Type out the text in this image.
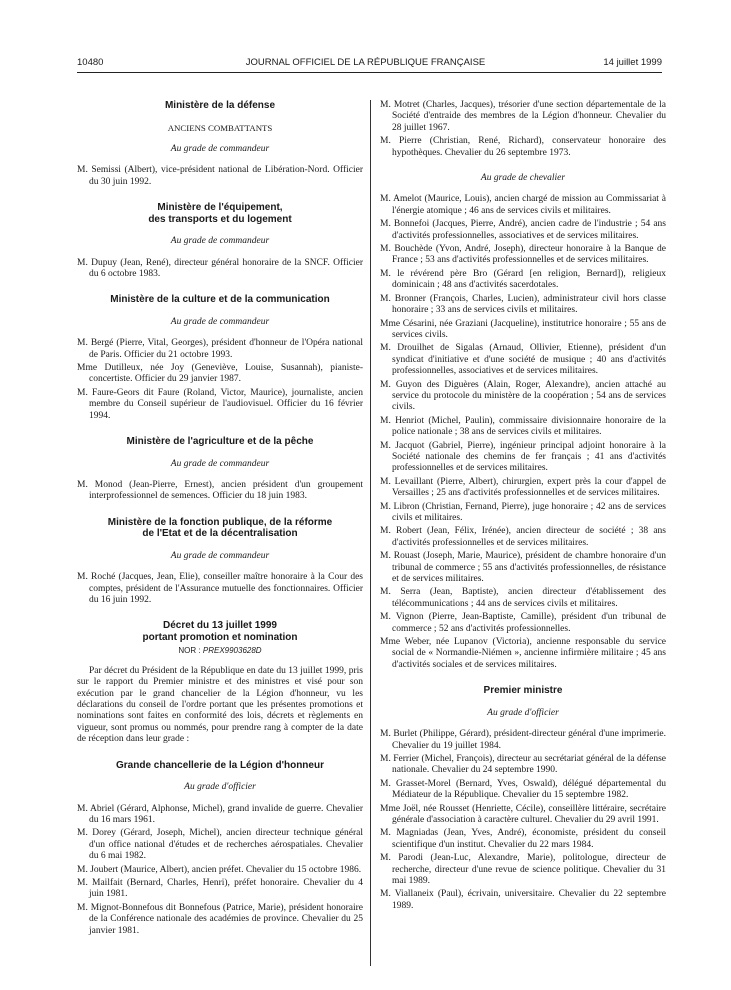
10480	JOURNAL OFFICIEL DE LA RÉPUBLIQUE FRANÇAISE	14 juillet 1999
Ministère de la défense
ANCIENS COMBATTANTS
Au grade de commandeur
M. Semissi (Albert), vice-président national de Libération-Nord. Officier du 30 juin 1992.
Ministère de l'équipement,
des transports et du logement
Au grade de commandeur
M. Dupuy (Jean, René), directeur général honoraire de la SNCF. Officier du 6 octobre 1983.
Ministère de la culture et de la communication
Au grade de commandeur
M. Bergé (Pierre, Vital, Georges), président d'honneur de l'Opéra national de Paris. Officier du 21 octobre 1993.
Mme Dutilleux, née Joy (Geneviève, Louise, Susannah), pianiste-concertiste. Officier du 29 janvier 1987.
M. Faure-Geors dit Faure (Roland, Victor, Maurice), journaliste, ancien membre du Conseil supérieur de l'audiovisuel. Officier du 16 février 1994.
Ministère de l'agriculture et de la pêche
Au grade de commandeur
M. Monod (Jean-Pierre, Ernest), ancien président d'un groupement interprofessionnel de semences. Officier du 18 juin 1983.
Ministère de la fonction publique, de la réforme
de l'Etat et de la décentralisation
Au grade de commandeur
M. Roché (Jacques, Jean, Elie), conseiller maître honoraire à la Cour des comptes, président de l'Assurance mutuelle des fonctionnaires. Officier du 16 juin 1992.
Décret du 13 juillet 1999
portant promotion et nomination
NOR : PREX9903628D
Par décret du Président de la République en date du 13 juillet 1999, pris sur le rapport du Premier ministre et des ministres et visé pour son exécution par le grand chancelier de la Légion d'honneur, vu les déclarations du conseil de l'ordre portant que les présentes promotions et nominations sont faites en conformité des lois, décrets et règlements en vigueur, sont promus ou nommés, pour prendre rang à compter de la date de réception dans leur grade :
Grande chancellerie de la Légion d'honneur
Au grade d'officier
M. Abriel (Gérard, Alphonse, Michel), grand invalide de guerre. Chevalier du 16 mars 1961.
M. Dorey (Gérard, Joseph, Michel), ancien directeur technique général d'un office national d'études et de recherches aérospatiales. Chevalier du 6 mai 1982.
M. Joubert (Maurice, Albert), ancien préfet. Chevalier du 15 octobre 1986.
M. Mailfait (Bernard, Charles, Henri), préfet honoraire. Chevalier du 4 juin 1981.
M. Mignot-Bonnefous dit Bonnefous (Patrice, Marie), président honoraire de la Conférence nationale des académies de province. Chevalier du 25 janvier 1981.
M. Motret (Charles, Jacques), trésorier d'une section départementale de la Société d'entraide des membres de la Légion d'honneur. Chevalier du 28 juillet 1967.
M. Pierre (Christian, René, Richard), conservateur honoraire des hypothèques. Chevalier du 26 septembre 1973.
Au grade de chevalier
M. Amelot (Maurice, Louis), ancien chargé de mission au Commissariat à l'énergie atomique ; 46 ans de services civils et militaires.
M. Bonnefoi (Jacques, Pierre, André), ancien cadre de l'industrie ; 54 ans d'activités professionnelles, associatives et de services militaires.
M. Bouchède (Yvon, André, Joseph), directeur honoraire à la Banque de France ; 53 ans d'activités professionnelles et de services militaires.
M. le révérend père Bro (Gérard [en religion, Bernard]), religieux dominicain ; 48 ans d'activités sacerdotales.
M. Bronner (François, Charles, Lucien), administrateur civil hors classe honoraire ; 33 ans de services civils et militaires.
Mme Césarini, née Graziani (Jacqueline), institutrice honoraire ; 55 ans de services civils.
M. Drouilhet de Sigalas (Arnaud, Ollivier, Etienne), président d'un syndicat d'initiative et d'une société de musique ; 40 ans d'activités professionnelles, associatives et de services militaires.
M. Guyon des Diguères (Alain, Roger, Alexandre), ancien attaché au service du protocole du ministère de la coopération ; 54 ans de services civils.
M. Henriot (Michel, Paulin), commissaire divisionnaire honoraire de la police nationale ; 38 ans de services civils et militaires.
M. Jacquot (Gabriel, Pierre), ingénieur principal adjoint honoraire à la Société nationale des chemins de fer français ; 41 ans d'activités professionnelles et de services militaires.
M. Levaillant (Pierre, Albert), chirurgien, expert près la cour d'appel de Versailles ; 25 ans d'activités professionnelles et de services militaires.
M. Libron (Christian, Fernand, Pierre), juge honoraire ; 42 ans de services civils et militaires.
M. Robert (Jean, Félix, Irénée), ancien directeur de société ; 38 ans d'activités professionnelles et de services militaires.
M. Rouast (Joseph, Marie, Maurice), président de chambre honoraire d'un tribunal de commerce ; 55 ans d'activités professionnelles, de résistance et de services militaires.
M. Serra (Jean, Baptiste), ancien directeur d'établissement des télécommunications ; 44 ans de services civils et militaires.
M. Vignon (Pierre, Jean-Baptiste, Camille), président d'un tribunal de commerce ; 52 ans d'activités professionnelles.
Mme Weber, née Lupanov (Victoria), ancienne responsable du service social de « Normandie-Niémen », ancienne infirmière militaire ; 45 ans d'activités sociales et de services militaires.
Premier ministre
Au grade d'officier
M. Burlet (Philippe, Gérard), président-directeur général d'une imprimerie. Chevalier du 19 juillet 1984.
M. Ferrier (Michel, François), directeur au secrétariat général de la défense nationale. Chevalier du 24 septembre 1990.
M. Grasset-Morel (Bernard, Yves, Oswald), délégué départemental du Médiateur de la République. Chevalier du 15 septembre 1982.
Mme Joël, née Rousset (Henriette, Cécile), conseillère littéraire, secrétaire générale d'association à caractère culturel. Chevalier du 29 avril 1991.
M. Magniadas (Jean, Yves, André), économiste, président du conseil scientifique d'un institut. Chevalier du 22 mars 1984.
M. Parodi (Jean-Luc, Alexandre, Marie), politologue, directeur de recherche, directeur d'une revue de science politique. Chevalier du 31 mai 1989.
M. Viallaneix (Paul), écrivain, universitaire. Chevalier du 22 septembre 1989.
